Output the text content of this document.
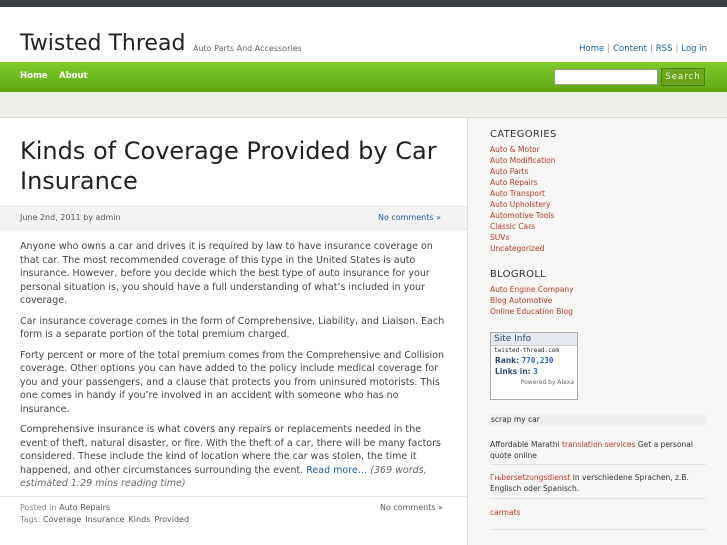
Twisted Thread Auto Parts And Accessories	Home | Content | RSS | Log in
Home About	Search
Kinds of Coverage Provided by Car Insurance
June 2nd, 2011 by admin	No comments »

Anyone who owns a car and drives it is required by law to have insurance coverage on that car. The most recommended coverage of this type in the United States is auto insurance. However, before you decide which the best type of auto insurance for your personal situation is, you should have a full understanding of what’s included in your coverage.

Car insurance coverage comes in the form of Comprehensive, Liability, and Liaison. Each form is a separate portion of the total premium charged.

Forty percent or more of the total premium comes from the Comprehensive and Collision coverage. Other options you can have added to the policy include medical coverage for you and your passengers, and a clause that protects you from uninsured motorists. This one comes in handy if you’re involved in an accident with someone who has no insurance.

Comprehensive insurance is what covers any repairs or replacements needed in the event of theft, natural disaster, or fire. With the theft of a car, there will be many factors considered. These include the kind of location where the car was stolen, the time it happened, and other circumstances surrounding the event. Read more… (369 words, estimated 1:29 mins reading time)

Posted in Auto Repairs
Tags: Coverage Insurance Kinds Provided
No comments »
CATEGORIES
Auto & Motor
Auto Modification
Auto Parts
Auto Repairs
Auto Transport
Auto Upholstery
Automotive Tools
Classic Cars
SUVs
Uncategorized
BLOGROLL
Auto Engine Company
Blog Automotive
Online Education Blog
Site Info
twisted-thread.com
Rank: 770,230
Links in: 3
Powered by Alexa
scrap my car
Affordable Marathi translation services Get a personal quote online
Гњbersetzungsdienst in verschiedene Sprachen, z.B. Englisch oder Spanisch.
carmats
